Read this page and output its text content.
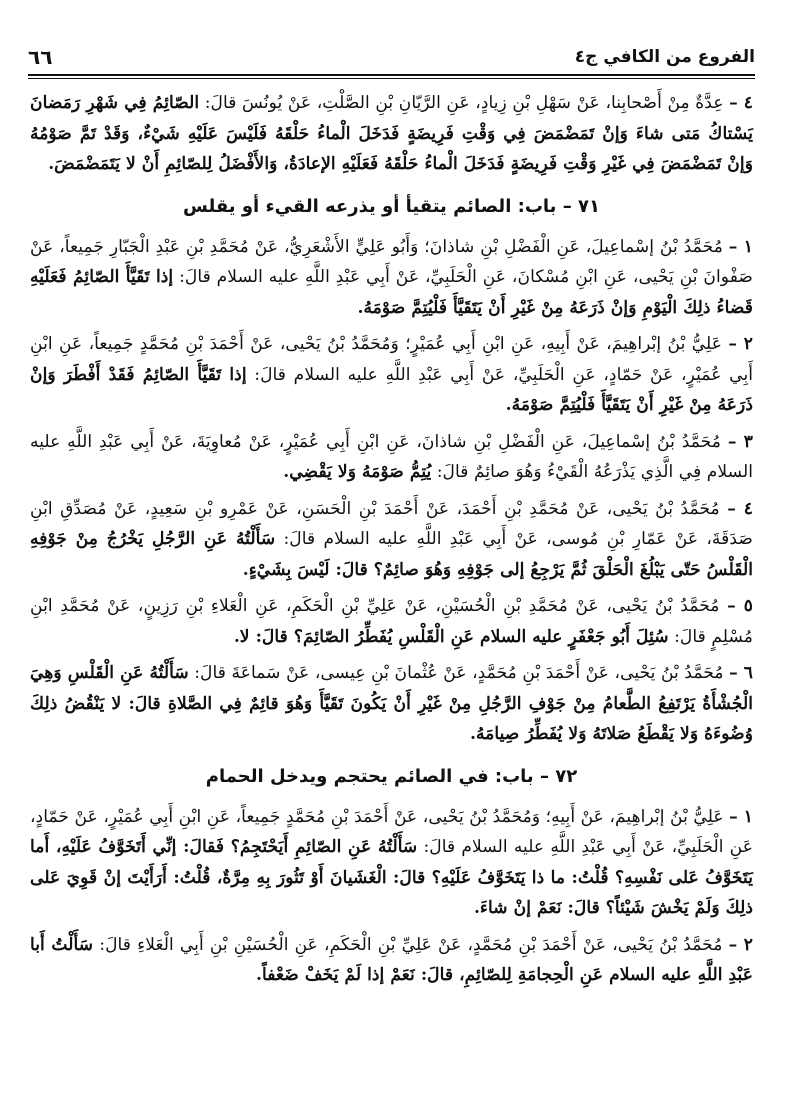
٦٦	الفروع من الكافي ج٤

٤ – عِدَّةٌ مِنْ أَصْحابِنا، عَنْ سَهْلِ بْنِ زِيادٍ، عَنِ الرَّيّانِ بْنِ الصَّلْتِ، عَنْ يُونُسَ قالَ: الصّائِمُ فِي شَهْرِ رَمَضانَ يَسْتاكُ مَتى شاءَ وَإنْ تَمَضْمَضَ فِي وَقْتِ فَرِيضَةٍ فَدَخَلَ الْماءُ حَلْقَهُ فَلَيْسَ عَلَيْهِ شَيْءٌ، وَقَدْ تَمَّ صَوْمُهُ وَإنْ تَمَضْمَضَ فِي غَيْرِ وَقْتِ فَرِيضَةٍ فَدَخَلَ الْماءُ حَلْقَهُ فَعَلَيْهِ الإعادَةُ، وَالأَفْضَلُ لِلصّائِمِ أَنْ لا يَتَمَضْمَضَ.

٧١ – باب: الصائم يتقيأ أو يذرعه القيء أو يقلس

١ – مُحَمَّدُ بْنُ إسْماعِيلَ، عَنِ الْفَضْلِ بْنِ شاذانَ؛ وَأَبُو عَلِيٍّ الأَشْعَرِيُّ، عَنْ مُحَمَّدِ بْنِ عَبْدِ الْجَبّارِ جَمِيعاً، عَنْ صَفْوانَ بْنِ يَحْيى، عَنِ ابْنِ مُسْكانَ، عَنِ الْحَلَبِيِّ، عَنْ أَبِي عَبْدِ اللَّهِ عليه السلام قالَ: إذا تَقَيَّأَ الصّائِمُ فَعَلَيْهِ قَضاءُ ذلِكَ الْيَوْمِ وَإنْ ذَرَعَهُ مِنْ غَيْرِ أَنْ يَتَقَيَّأَ فَلْيُتِمَّ صَوْمَهُ.

٢ – عَلِيُّ بْنُ إبْراهِيمَ، عَنْ أَبِيهِ، عَنِ ابْنِ أَبِي عُمَيْرٍ؛ وَمُحَمَّدُ بْنُ يَحْيى، عَنْ أَحْمَدَ بْنِ مُحَمَّدٍ جَمِيعاً، عَنِ ابْنِ أَبِي عُمَيْرٍ، عَنْ حَمّادٍ، عَنِ الْحَلَبِيِّ، عَنْ أَبِي عَبْدِ اللَّهِ عليه السلام قالَ: إذا تَقَيَّأَ الصّائِمُ فَقَدْ أَفْطَرَ وَإنْ ذَرَعَهُ مِنْ غَيْرِ أَنْ يَتَقَيَّأَ فَلْيُتِمَّ صَوْمَهُ.

٣ – مُحَمَّدُ بْنُ إسْماعِيلَ، عَنِ الْفَضْلِ بْنِ شاذانَ، عَنِ ابْنِ أَبِي عُمَيْرٍ، عَنْ مُعاوِيَةَ، عَنْ أَبِي عَبْدِ اللَّهِ عليه السلام فِي الَّذِي يَذْرَعُهُ الْقَيْءُ وَهُوَ صائِمٌ قالَ: يُتِمُّ صَوْمَهُ وَلا يَقْضِي.

٤ – مُحَمَّدُ بْنُ يَحْيى، عَنْ مُحَمَّدِ بْنِ أَحْمَدَ، عَنْ أَحْمَدَ بْنِ الْحَسَنِ، عَنْ عَمْرِو بْنِ سَعِيدٍ، عَنْ مُصَدِّقِ ابْنِ صَدَقَةَ، عَنْ عَمّارِ بْنِ مُوسى، عَنْ أَبِي عَبْدِ اللَّهِ عليه السلام قالَ: سَأَلْتُهُ عَنِ الرَّجُلِ يَخْرُجُ مِنْ جَوْفِهِ الْقَلْسُ حَتّى يَبْلُغَ الْحَلْقَ ثُمَّ يَرْجِعُ إلى جَوْفِهِ وَهُوَ صائِمٌ؟ قالَ: لَيْسَ بِشَيْءٍ.

٥ – مُحَمَّدُ بْنُ يَحْيى، عَنْ مُحَمَّدِ بْنِ الْحُسَيْنِ، عَنْ عَلِيِّ بْنِ الْحَكَمِ، عَنِ الْعَلاءِ بْنِ رَزِينٍ، عَنْ مُحَمَّدِ ابْنِ مُسْلِمٍ قالَ: سُئِلَ أَبُو جَعْفَرٍ عليه السلام عَنِ الْقَلْسِ يُفَطِّرُ الصّائِمَ؟ قالَ: لا.

٦ – مُحَمَّدُ بْنُ يَحْيى، عَنْ أَحْمَدَ بْنِ مُحَمَّدٍ، عَنْ عُثْمانَ بْنِ عِيسى، عَنْ سَماعَةَ قالَ: سَأَلْتُهُ عَنِ الْقَلْسِ وَهِيَ الْجُشْأَةُ يَرْتَفِعُ الطَّعامُ مِنْ جَوْفِ الرَّجُلِ مِنْ غَيْرِ أَنْ يَكُونَ تَقَيَّأَ وَهُوَ قائِمٌ فِي الصَّلاةِ قالَ: لا يَنْقُضُ ذلِكَ وُضُوءَهُ وَلا يَقْطَعُ صَلاتَهُ وَلا يُفَطِّرُ صِيامَهُ.

٧٢ – باب: في الصائم يحتجم ويدخل الحمام

١ – عَلِيُّ بْنُ إبْراهِيمَ، عَنْ أَبِيهِ؛ وَمُحَمَّدُ بْنُ يَحْيى، عَنْ أَحْمَدَ بْنِ مُحَمَّدٍ جَمِيعاً، عَنِ ابْنِ أَبِي عُمَيْرٍ، عَنْ حَمّادٍ، عَنِ الْحَلَبِيِّ، عَنْ أَبِي عَبْدِ اللَّهِ عليه السلام قالَ: سَأَلْتُهُ عَنِ الصّائِمِ أَيَحْتَجِمُ؟ فَقالَ: إنِّي أَتَخَوَّفُ عَلَيْهِ، أَما يَتَخَوَّفُ عَلى نَفْسِهِ؟ قُلْتُ: ما ذا يَتَخَوَّفُ عَلَيْهِ؟ قالَ: الْغَشَيانَ أَوْ تَثُورَ بِهِ مِرَّةٌ، قُلْتُ: أَرَأَيْتَ إنْ قَوِيَ عَلى ذلِكَ وَلَمْ يَخْشَ شَيْئاً؟ قالَ: نَعَمْ إنْ شاءَ.

٢ – مُحَمَّدُ بْنُ يَحْيى، عَنْ أَحْمَدَ بْنِ مُحَمَّدٍ، عَنْ عَلِيِّ بْنِ الْحَكَمِ، عَنِ الْحُسَيْنِ بْنِ أَبِي الْعَلاءِ قالَ: سَأَلْتُ أَبا عَبْدِ اللَّهِ عليه السلام عَنِ الْحِجامَةِ لِلصّائِمِ، قالَ: نَعَمْ إذا لَمْ يَخَفْ ضَعْفاً.
